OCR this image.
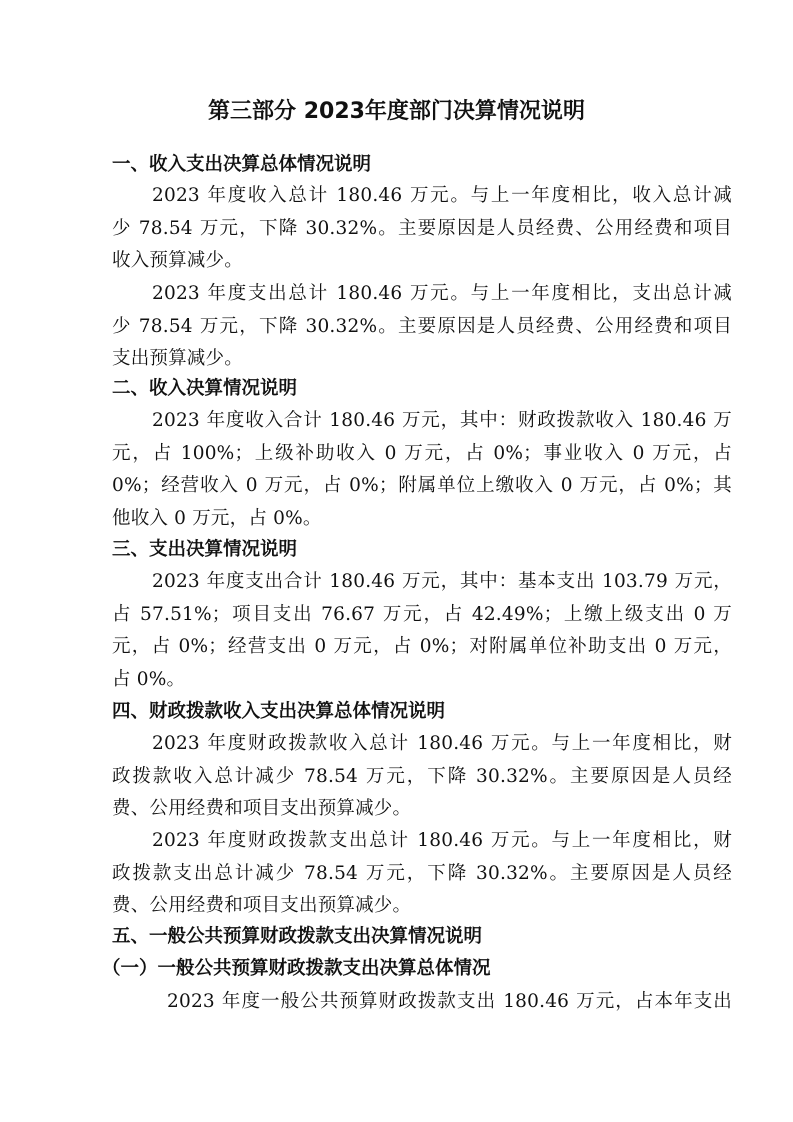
第三部分 2023年度部门决算情况说明
一、收入支出决算总体情况说明
2023 年度收入总计 180.46 万元。与上一年度相比，收入总计减
少 78.54 万元，下降 30.32%。主要原因是人员经费、公用经费和项目
收入预算减少。
2023 年度支出总计 180.46 万元。与上一年度相比，支出总计减
少 78.54 万元，下降 30.32%。主要原因是人员经费、公用经费和项目
支出预算减少。
二、收入决算情况说明
2023 年度收入合计 180.46 万元，其中：财政拨款收入 180.46 万
元，占 100%；上级补助收入 0 万元，占 0%；事业收入 0 万元，占
0%；经营收入 0 万元，占 0%；附属单位上缴收入 0 万元，占 0%；其
他收入 0 万元，占 0%。
三、支出决算情况说明
2023 年度支出合计 180.46 万元，其中：基本支出 103.79 万元，
占 57.51%；项目支出 76.67 万元，占 42.49%；上缴上级支出 0 万
元，占 0%；经营支出 0 万元，占 0%；对附属单位补助支出 0 万元，
占 0%。
四、财政拨款收入支出决算总体情况说明
2023 年度财政拨款收入总计 180.46 万元。与上一年度相比，财
政拨款收入总计减少 78.54 万元，下降 30.32%。主要原因是人员经
费、公用经费和项目支出预算减少。
2023 年度财政拨款支出总计 180.46 万元。与上一年度相比，财
政拨款支出总计减少 78.54 万元，下降 30.32%。主要原因是人员经
费、公用经费和项目支出预算减少。
五、一般公共预算财政拨款支出决算情况说明
（一）一般公共预算财政拨款支出决算总体情况
2023 年度一般公共预算财政拨款支出 180.46 万元，占本年支出
